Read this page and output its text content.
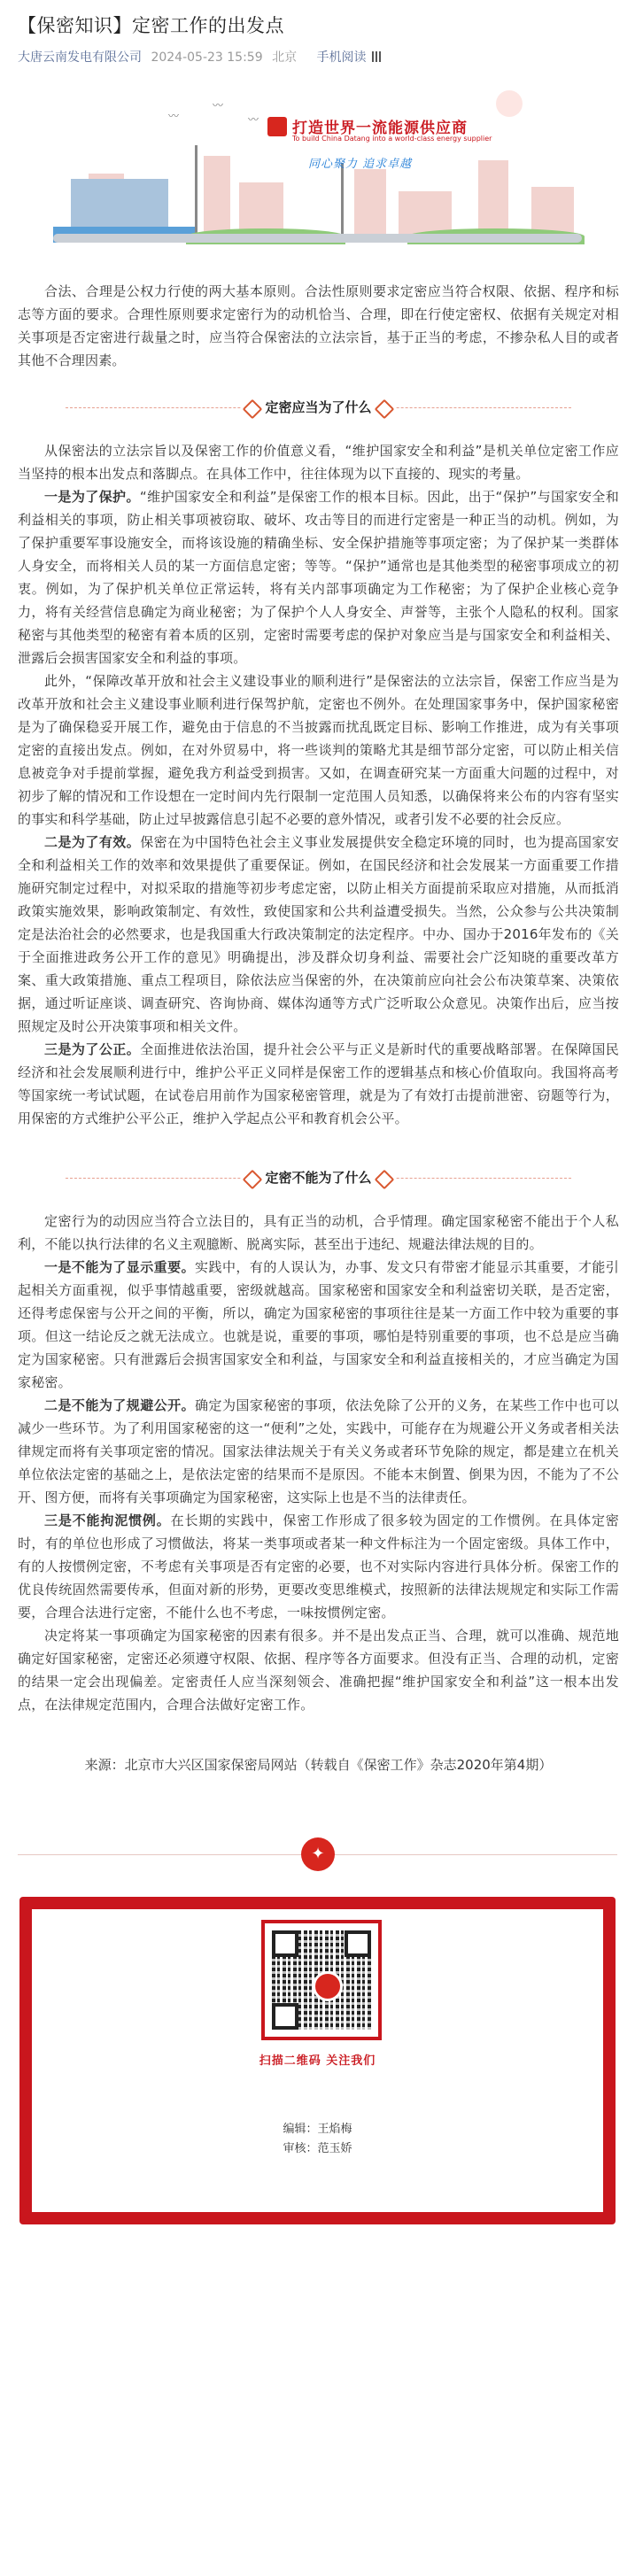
【保密知识】定密工作的出发点
大唐云南发电有限公司 2024-05-23 15:59 北京 手机阅读
〰
〰
〰 打造世界一流能源供应商
To build China Datang into a world-class energy supplier
同心聚力 追求卓越

合法、合理是公权力行使的两大基本原则。合法性原则要求定密应当符合权限、依据、程序和标志等方面的要求。合理性原则要求定密行为的动机恰当、合理，即在行使定密权、依据有关规定对相关事项是否定密进行裁量之时，应当符合保密法的立法宗旨，基于正当的考虑，不掺杂私人目的或者其他不合理因素。

定密应当为了什么

从保密法的立法宗旨以及保密工作的价值意义看，“维护国家安全和利益”是机关单位定密工作应当坚持的根本出发点和落脚点。在具体工作中，往往体现为以下直接的、现实的考量。

一是为了保护。“维护国家安全和利益”是保密工作的根本目标。因此，出于“保护”与国家安全和利益相关的事项，防止相关事项被窃取、破坏、攻击等目的而进行定密是一种正当的动机。例如，为了保护重要军事设施安全，而将该设施的精确坐标、安全保护措施等事项定密；为了保护某一类群体人身安全，而将相关人员的某一方面信息定密；等等。“保护”通常也是其他类型的秘密事项成立的初衷。例如，为了保护机关单位正常运转，将有关内部事项确定为工作秘密；为了保护企业核心竞争力，将有关经营信息确定为商业秘密；为了保护个人人身安全、声誉等，主张个人隐私的权利。国家秘密与其他类型的秘密有着本质的区别，定密时需要考虑的保护对象应当是与国家安全和利益相关、泄露后会损害国家安全和利益的事项。

此外，“保障改革开放和社会主义建设事业的顺利进行”是保密法的立法宗旨，保密工作应当是为改革开放和社会主义建设事业顺利进行保驾护航，定密也不例外。在处理国家事务中，保护国家秘密是为了确保稳妥开展工作，避免由于信息的不当披露而扰乱既定目标、影响工作推进，成为有关事项定密的直接出发点。例如，在对外贸易中，将一些谈判的策略尤其是细节部分定密，可以防止相关信息被竞争对手提前掌握，避免我方利益受到损害。又如，在调查研究某一方面重大问题的过程中，对初步了解的情况和工作设想在一定时间内先行限制一定范围人员知悉，以确保将来公布的内容有坚实的事实和科学基础，防止过早披露信息引起不必要的意外情况，或者引发不必要的社会反应。

二是为了有效。保密在为中国特色社会主义事业发展提供安全稳定环境的同时，也为提高国家安全和利益相关工作的效率和效果提供了重要保证。例如，在国民经济和社会发展某一方面重要工作措施研究制定过程中，对拟采取的措施等初步考虑定密，以防止相关方面提前采取应对措施，从而抵消政策实施效果，影响政策制定、有效性，致使国家和公共利益遭受损失。当然，公众参与公共决策制定是法治社会的必然要求，也是我国重大行政决策制定的法定程序。中办、国办于2016年发布的《关于全面推进政务公开工作的意见》明确提出，涉及群众切身利益、需要社会广泛知晓的重要改革方案、重大政策措施、重点工程项目，除依法应当保密的外，在决策前应向社会公布决策草案、决策依据，通过听证座谈、调查研究、咨询协商、媒体沟通等方式广泛听取公众意见。决策作出后，应当按照规定及时公开决策事项和相关文件。

三是为了公正。全面推进依法治国，提升社会公平与正义是新时代的重要战略部署。在保障国民经济和社会发展顺利进行中，维护公平正义同样是保密工作的逻辑基点和核心价值取向。我国将高考等国家统一考试试题，在试卷启用前作为国家秘密管理，就是为了有效打击提前泄密、窃题等行为，用保密的方式维护公平公正，维护入学起点公平和教育机会公平。

定密不能为了什么

定密行为的动因应当符合立法目的，具有正当的动机，合乎情理。确定国家秘密不能出于个人私利，不能以执行法律的名义主观臆断、脱离实际，甚至出于违纪、规避法律法规的目的。

一是不能为了显示重要。实践中，有的人误认为，办事、发文只有带密才能显示其重要，才能引起相关方面重视，似乎事情越重要，密级就越高。国家秘密和国家安全和利益密切关联，是否定密，还得考虑保密与公开之间的平衡，所以，确定为国家秘密的事项往往是某一方面工作中较为重要的事项。但这一结论反之就无法成立。也就是说，重要的事项，哪怕是特别重要的事项，也不总是应当确定为国家秘密。只有泄露后会损害国家安全和利益，与国家安全和利益直接相关的，才应当确定为国家秘密。

二是不能为了规避公开。确定为国家秘密的事项，依法免除了公开的义务，在某些工作中也可以减少一些环节。为了利用国家秘密的这一“便利”之处，实践中，可能存在为规避公开义务或者相关法律规定而将有关事项定密的情况。国家法律法规关于有关义务或者环节免除的规定，都是建立在机关单位依法定密的基础之上，是依法定密的结果而不是原因。不能本末倒置、倒果为因，不能为了不公开、图方便，而将有关事项确定为国家秘密，这实际上也是不当的法律责任。

三是不能拘泥惯例。在长期的实践中，保密工作形成了很多较为固定的工作惯例。在具体定密时，有的单位也形成了习惯做法，将某一类事项或者某一种文件标注为一个固定密级。具体工作中，有的人按惯例定密，不考虑有关事项是否有定密的必要，也不对实际内容进行具体分析。保密工作的优良传统固然需要传承，但面对新的形势，更要改变思维模式，按照新的法律法规规定和实际工作需要，合理合法进行定密，不能什么也不考虑，一味按惯例定密。

决定将某一事项确定为国家秘密的因素有很多。并不是出发点正当、合理，就可以准确、规范地确定好国家秘密，定密还必须遵守权限、依据、程序等各方面要求。但没有正当、合理的动机，定密的结果一定会出现偏差。定密责任人应当深刻领会、准确把握“维护国家安全和利益”这一根本出发点，在法律规定范围内，合理合法做好定密工作。

来源：北京市大兴区国家保密局网站（转载自《保密工作》杂志2020年第4期）
✦
扫描二维码 关注我们
编辑：王焰梅
审核：范玉娇
